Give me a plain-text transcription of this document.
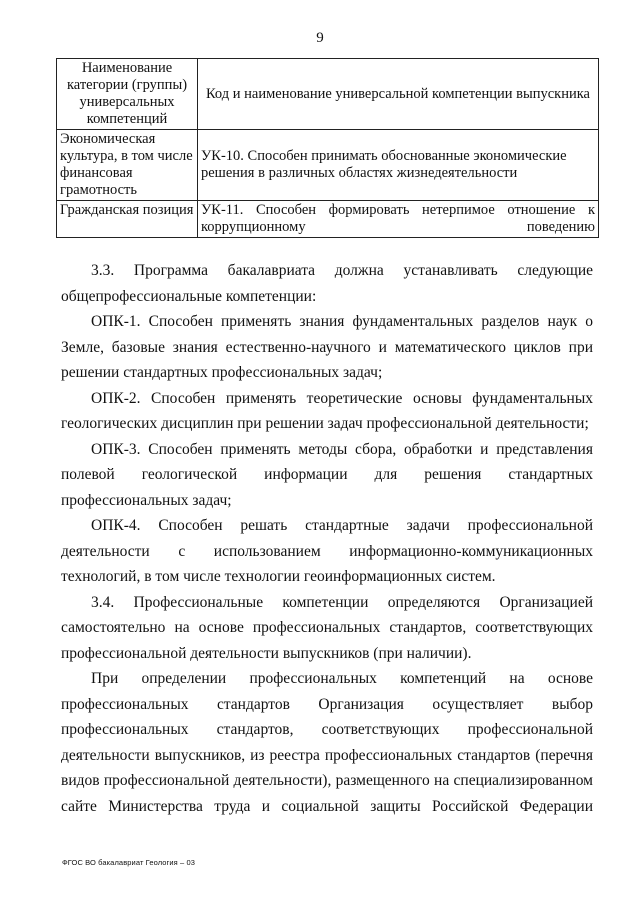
9
Наименование категории (группы) универсальных компетенций	Код и наименование универсальной компетенции выпускника
Экономическая культура, в том числе финансовая грамотность	УК-10. Способен принимать обоснованные экономические решения в различных областях жизнедеятельности
Гражданская позиция	УК-11. Способен формировать нетерпимое отношение к коррупционному поведению

3.3. Программа бакалавриата должна устанавливать следующие общепрофессиональные компетенции:

ОПК-1. Способен применять знания фундаментальных разделов наук о Земле, базовые знания естественно-научного и математического циклов при решении стандартных профессиональных задач;

ОПК-2. Способен применять теоретические основы фундаментальных геологических дисциплин при решении задач профессиональной деятельности;

ОПК-3. Способен применять методы сбора, обработки и представления полевой геологической информации для решения стандартных профессиональных задач;

ОПК-4. Способен решать стандартные задачи профессиональной деятельности с использованием информационно-коммуникационных технологий, в том числе технологии геоинформационных систем.

3.4. Профессиональные компетенции определяются Организацией самостоятельно на основе профессиональных стандартов, соответствующих профессиональной деятельности выпускников (при наличии).

При определении профессиональных компетенций на основе профессиональных стандартов Организация осуществляет выбор профессиональных стандартов, соответствующих профессиональной деятельности выпускников, из реестра профессиональных стандартов (перечня видов профессиональной деятельности), размещенного на специализированном сайте Министерства труда и социальной защиты Российской Федерации

ФГОС ВО бакалавриат Геология – 03
